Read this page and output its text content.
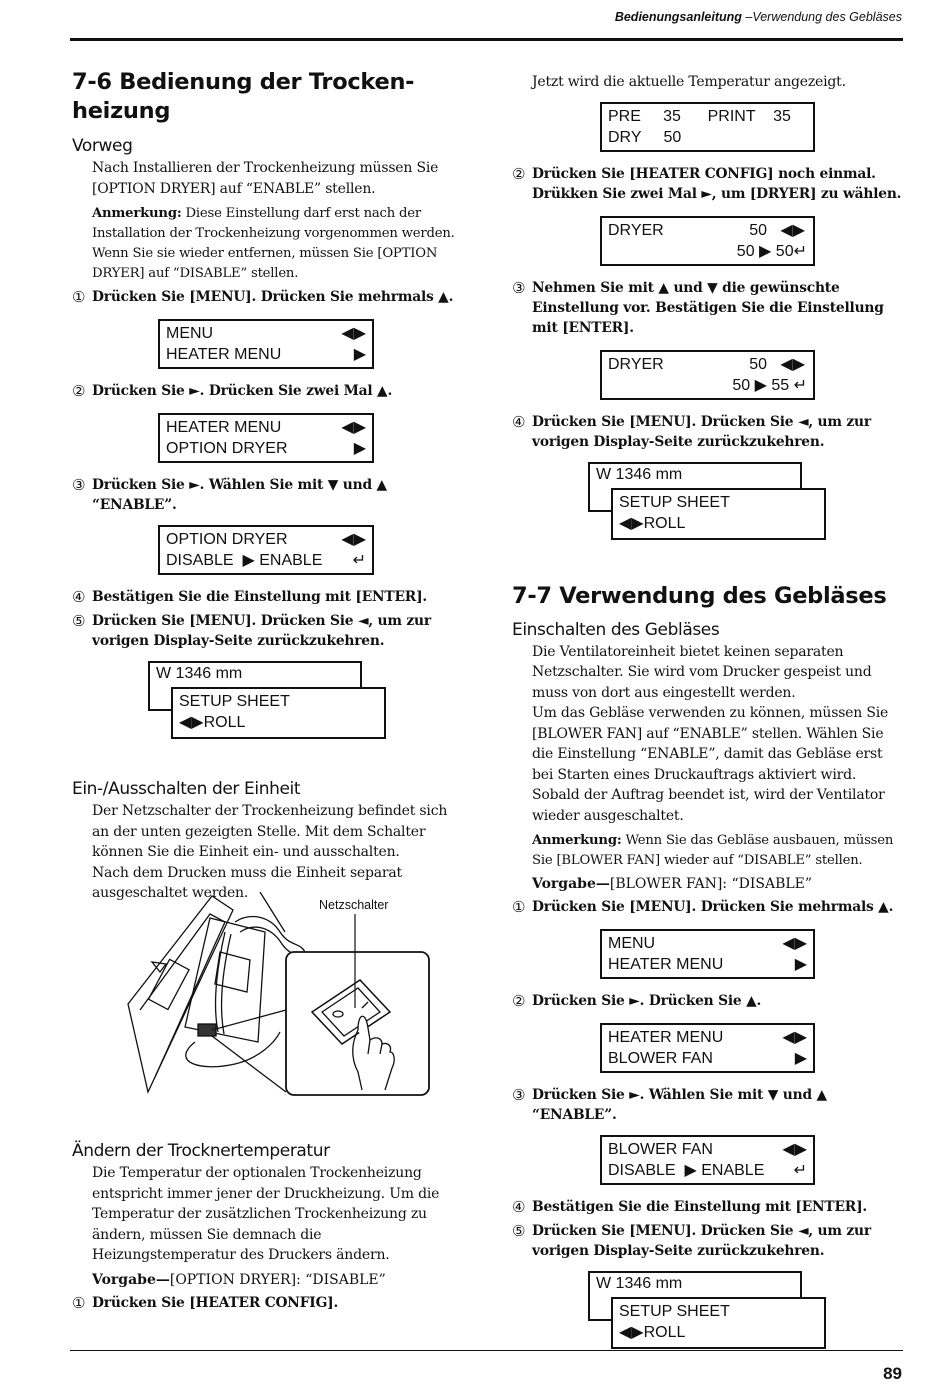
Bedienungsanleitung –Verwendung des Gebläses
7-6 Bedienung der Trocken-
heizung
Vorweg

Nach Installieren der Trockenheizung müssen Sie [OPTION DRYER] auf “ENABLE” stellen.

Anmerkung: Diese Einstellung darf erst nach der Installation der Trockenheizung vorgenommen werden. Wenn Sie sie wieder entfernen, müssen Sie [OPTION DRYER] auf “DISABLE” stellen.

① Drücken Sie [MENU]. Drücken Sie mehrmals ▲.
MENU	◀▶
HEATER MENU	▶
② Drücken Sie ►. Drücken Sie zwei Mal ▲.
HEATER MENU	◀▶
OPTION DRYER	▶
③ Drücken Sie ►. Wählen Sie mit ▼ und ▲ “ENABLE”.
OPTION DRYER	◀▶
DISABLE  ▶ ENABLE ↵
④ Bestätigen Sie die Einstellung mit [ENTER].
⑤ Drücken Sie [MENU]. Drücken Sie ◄, um zur vorigen Display-Seite zurückzukehren.
W 1346 mm
SETUP SHEET
◀▶ROLL
Ein-/Ausschalten der Einheit

Der Netzschalter der Trockenheizung befindet sich an der unten gezeigten Stelle. Mit dem Schalter können Sie die Einheit ein- und ausschalten.

Nach dem Drucken muss die Einheit separat ausgeschaltet werden.

Netzschalter
Ändern der Trocknertemperatur

Die Temperatur der optionalen Trockenheizung entspricht immer jener der Druckheizung. Um die Temperatur der zusätzlichen Trockenheizung zu ändern, müssen Sie demnach die Heizungstemperatur des Druckers ändern.

Vorgabe—[OPTION DRYER]: “DISABLE”

① Drücken Sie [HEATER CONFIG].

Jetzt wird die aktuelle Temperatur angezeigt.

PRE 35 PRINT 35
DRY 50
② Drücken Sie [HEATER CONFIG] noch einmal. Drükken Sie zwei Mal ►, um [DRYER] zu wählen.
DRYER	50   ◀▶
50 ▶ 50↵
③ Nehmen Sie mit ▲ und ▼ die gewünschte Einstellung vor. Bestätigen Sie die Einstellung mit [ENTER].
DRYER	50   ◀▶
50 ▶ 55 ↵
④ Drücken Sie [MENU]. Drücken Sie ◄, um zur vorigen Display-Seite zurückzukehren.
W 1346 mm
SETUP SHEET
◀▶ROLL
7-7 Verwendung des Gebläses
Einschalten des Gebläses

Die Ventilatoreinheit bietet keinen separaten Netzschalter. Sie wird vom Drucker gespeist und muss von dort aus eingestellt werden.

Um das Gebläse verwenden zu können, müssen Sie [BLOWER FAN] auf “ENABLE” stellen. Wählen Sie die Einstellung “ENABLE”, damit das Gebläse erst bei Starten eines Druckauftrags aktiviert wird. Sobald der Auftrag beendet ist, wird der Ventilator wieder ausgeschaltet.

Anmerkung: Wenn Sie das Gebläse ausbauen, müssen Sie [BLOWER FAN] wieder auf “DISABLE” stellen.

Vorgabe—[BLOWER FAN]: “DISABLE”

① Drücken Sie [MENU]. Drücken Sie mehrmals ▲.
MENU	◀▶
HEATER MENU	▶
② Drücken Sie ►. Drücken Sie ▲.
HEATER MENU	◀▶
BLOWER FAN	▶
③ Drücken Sie ►. Wählen Sie mit ▼ und ▲ “ENABLE”.
BLOWER FAN	◀▶
DISABLE  ▶ ENABLE ↵
④ Bestätigen Sie die Einstellung mit [ENTER].
⑤ Drücken Sie [MENU]. Drücken Sie ◄, um zur vorigen Display-Seite zurückzukehren.
W 1346 mm
SETUP SHEET
◀▶ROLL
89
